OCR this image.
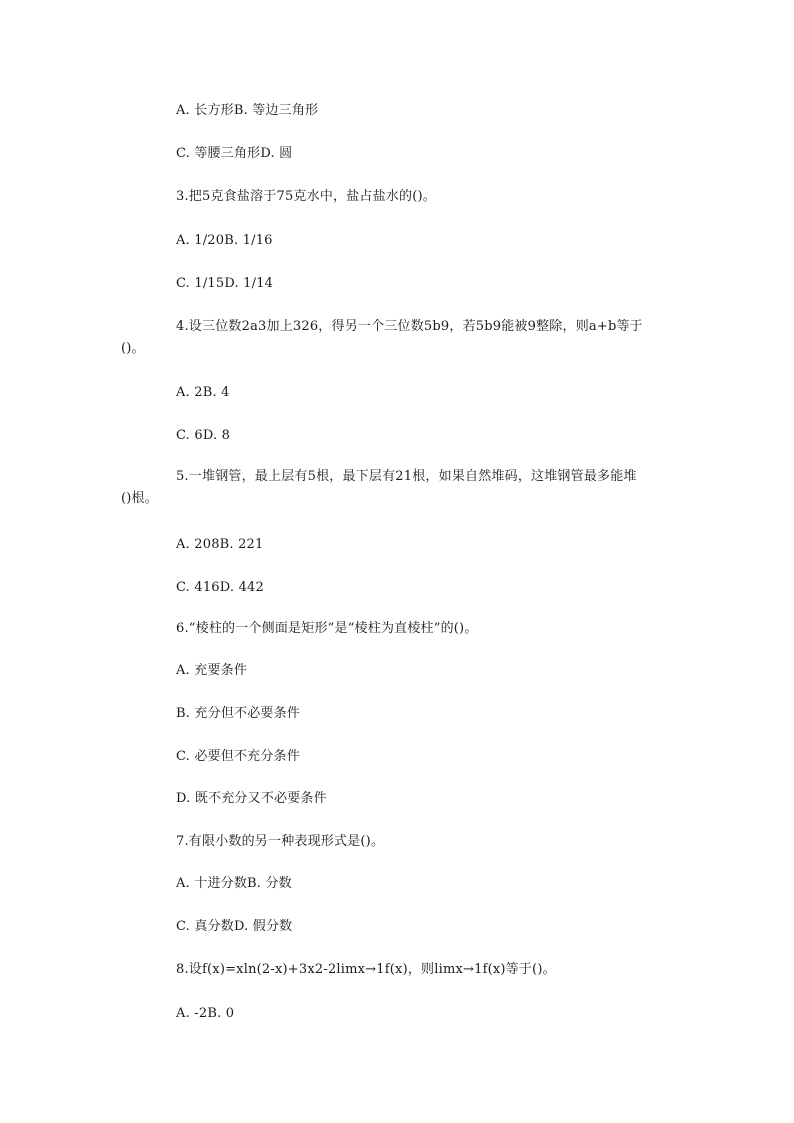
A. 长方形B. 等边三角形
C. 等腰三角形D. 圆
3.把5克食盐溶于75克水中，盐占盐水的()。
A. 1/20B. 1/16
C. 1/15D. 1/14
4.设三位数2a3加上326，得另一个三位数5b9，若5b9能被9整除，则a+b等于
()。
A. 2B. 4
C. 6D. 8
5.一堆钢管，最上层有5根，最下层有21根，如果自然堆码，这堆钢管最多能堆
()根。
A. 208B. 221
C. 416D. 442
6.“棱柱的一个侧面是矩形”是“棱柱为直棱柱”的()。
A. 充要条件
B. 充分但不必要条件
C. 必要但不充分条件
D. 既不充分又不必要条件
7.有限小数的另一种表现形式是()。
A. 十进分数B. 分数
C. 真分数D. 假分数
8.设f(x)=xln(2-x)+3x2-2limx→1f(x)，则limx→1f(x)等于()。
A. -2B. 0
